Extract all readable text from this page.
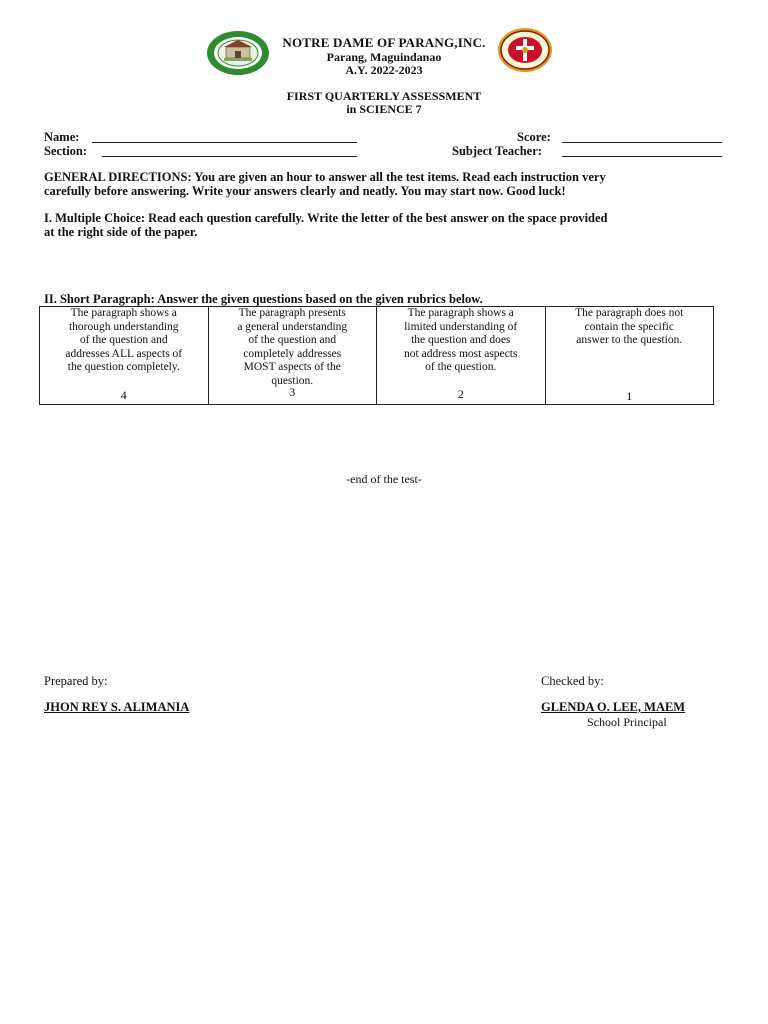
NOTRE DAME OF PARANG,INC.
Parang, Maguindanao
A.Y. 2022-2023
FIRST QUARTERLY ASSESSMENT
in SCIENCE 7
Name:
Section:
Score:
Subject Teacher:
GENERAL DIRECTIONS: You are given an hour to answer all the test items. Read each instruction very
carefully before answering. Write your answers clearly and neatly. You may start now. Good luck!
I. Multiple Choice: Read each question carefully. Write the letter of the best answer on the space provided
at the right side of the paper.
II. Short Paragraph: Answer the given questions based on the given rubrics below.
The paragraph shows a
thorough understanding
of the question and
addresses ALL aspects of
the question completely.
4

The paragraph presents
a general understanding
of the question and
completely addresses
MOST aspects of the
question.
3

The paragraph shows a
limited understanding of
the question and does
not address most aspects
of the question.
2

The paragraph does not
contain the specific
answer to the question.
1
-end of the test-
Prepared by:
JHON REY S. ALIMANIA
Checked by:
GLENDA O. LEE, MAEM
School Principal
